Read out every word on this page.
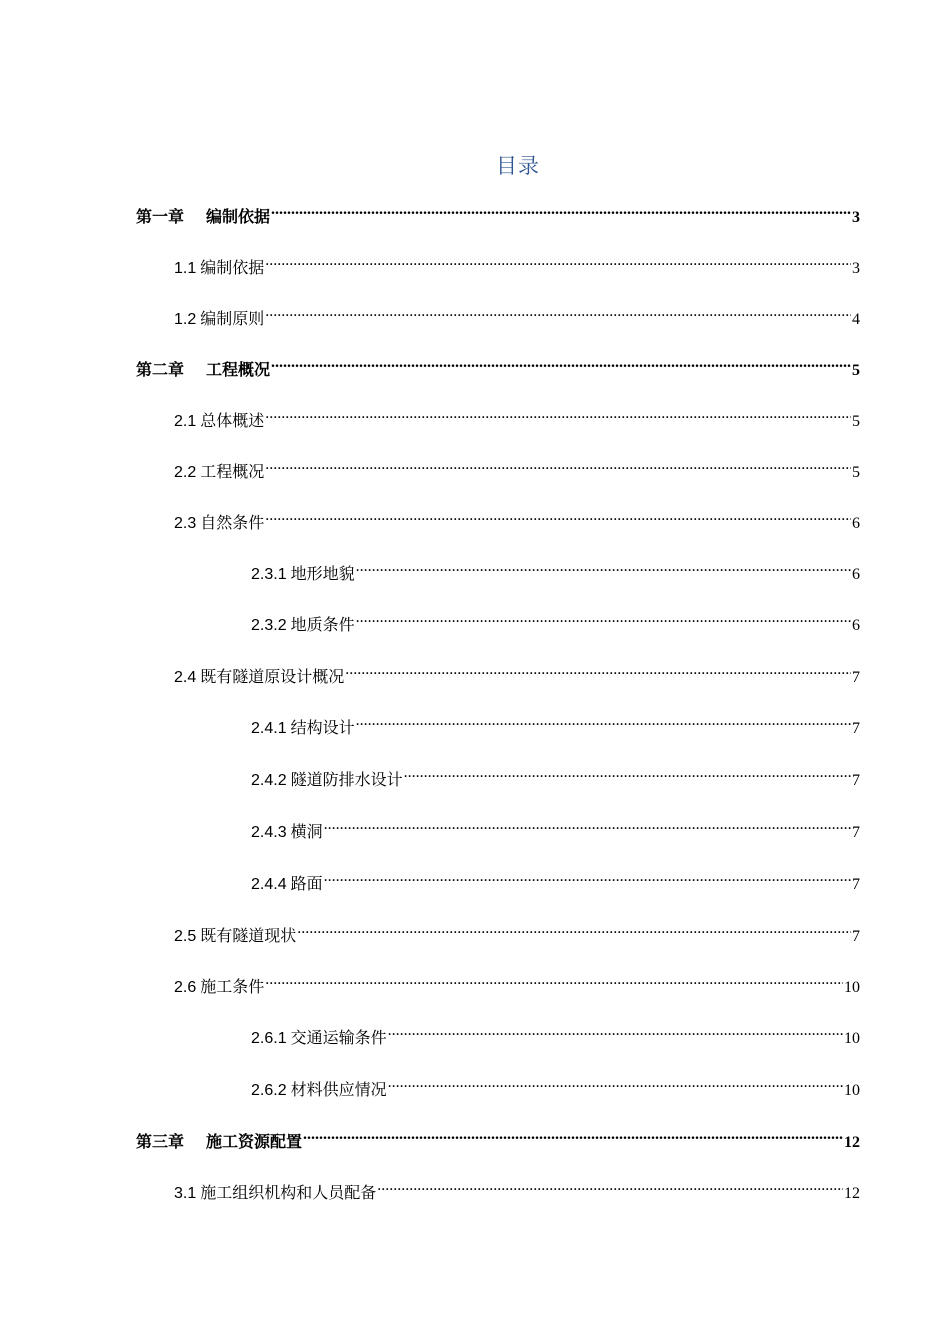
目录
第一章 编制依据 .....	3
1.1 编制依据 .....	3
1.2 编制原则 .....	4
第二章 工程概况 .....	5
2.1 总体概述 .....	5
2.2 工程概况 .....	5
2.3 自然条件 .....	6
2.3.1 地形地貌 .....	6
2.3.2 地质条件 .....	6
2.4 既有隧道原设计概况 .....	7
2.4.1 结构设计 .....	7
2.4.2 隧道防排水设计 .....	7
2.4.3 横洞 .....	7
2.4.4 路面 .....	7
2.5 既有隧道现状 .....	7
2.6 施工条件 .....	10
2.6.1 交通运输条件 .....	10
2.6.2 材料供应情况 .....	10
第三章 施工资源配置 .....	12
3.1 施工组织机构和人员配备 .....	12
